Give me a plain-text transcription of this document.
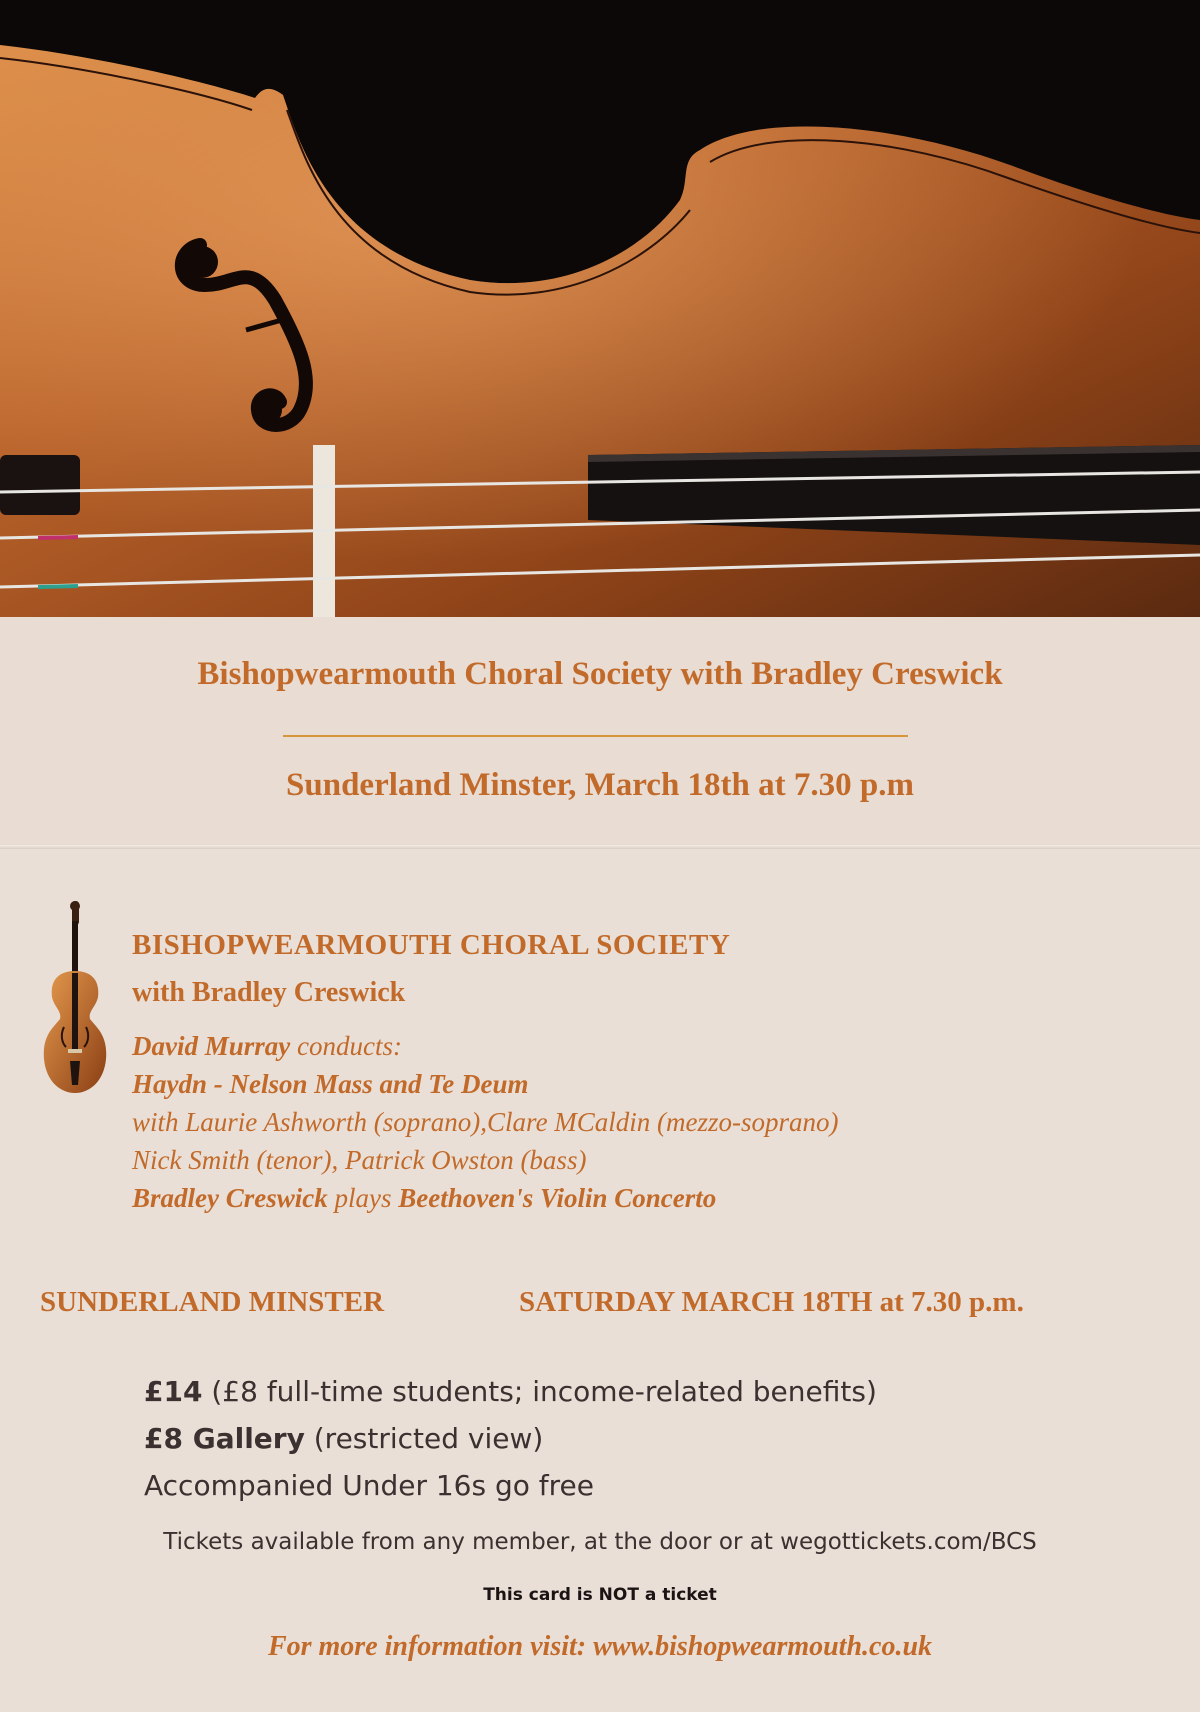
Bishopwearmouth Choral Society with Bradley Creswick

Sunderland Minster, March 18th at 7.30 p.m

BISHOPWEARMOUTH CHORAL SOCIETY

with Bradley Creswick

David Murray conducts:

Haydn - Nelson Mass and Te Deum

with Laurie Ashworth (soprano),Clare MCaldin (mezzo-soprano)

Nick Smith (tenor), Patrick Owston (bass)

Bradley Creswick plays Beethoven's Violin Concerto

SUNDERLAND MINSTER	SATURDAY MARCH 18TH at 7.30 p.m.

£14 (£8 full-time students; income-related benefits)

£8 Gallery (restricted view)

Accompanied Under 16s go free

Tickets available from any member, at the door or at wegottickets.com/BCS

This card is NOT a ticket

For more information visit: www.bishopwearmouth.co.uk
